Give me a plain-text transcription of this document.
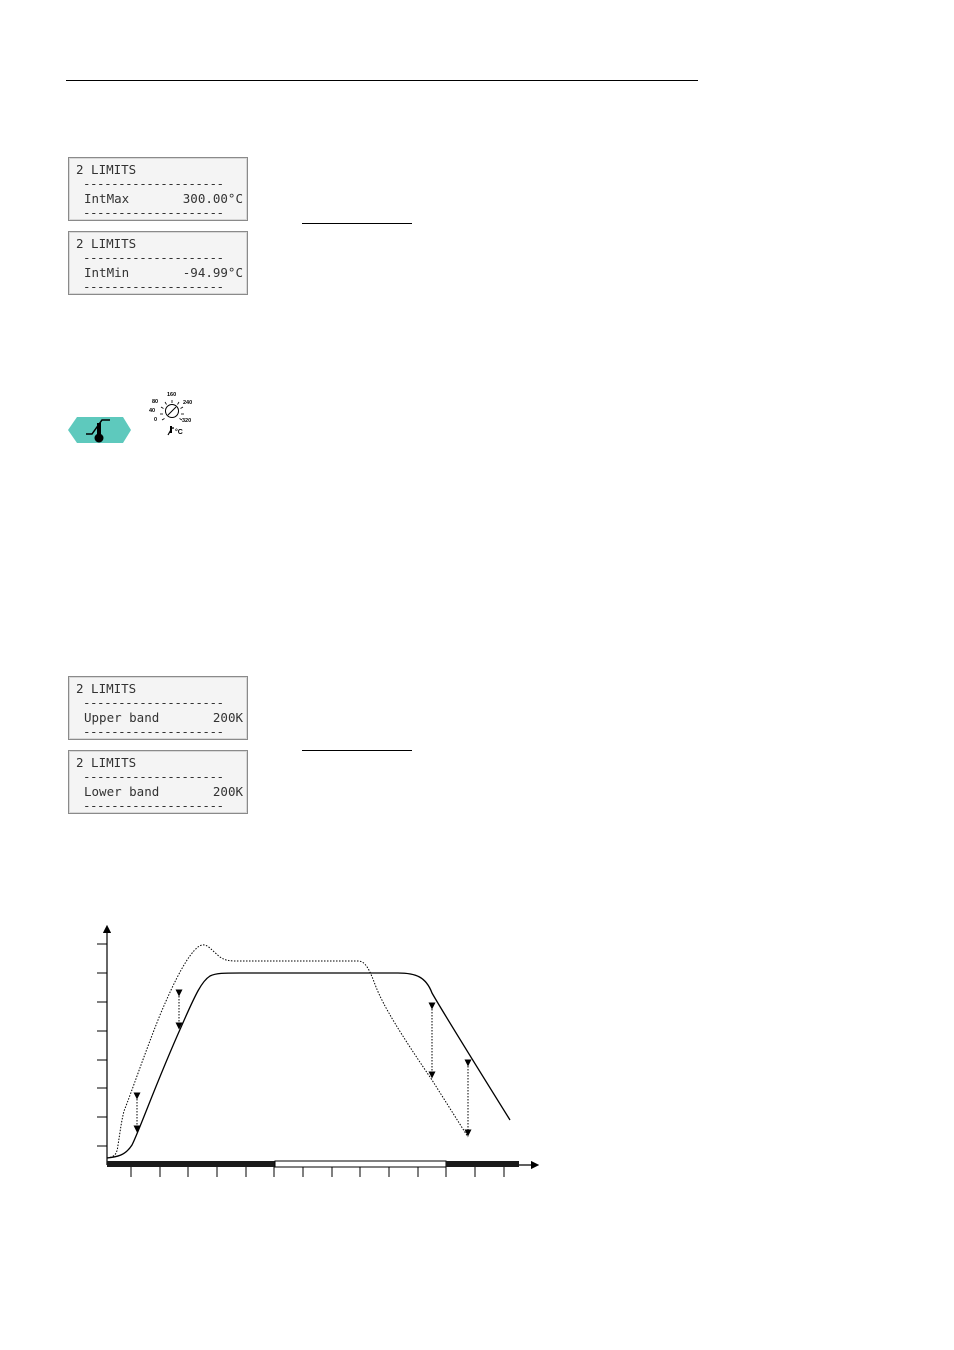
2 LIMITS
--------------------
IntMax	300.00°C
--------------------
2 LIMITS
--------------------
IntMin	-94.99°C
--------------------
160
80
40
0
240
320
°C
2 LIMITS
--------------------
Upper band	200K
--------------------
2 LIMITS
--------------------
Lower band	200K
--------------------
